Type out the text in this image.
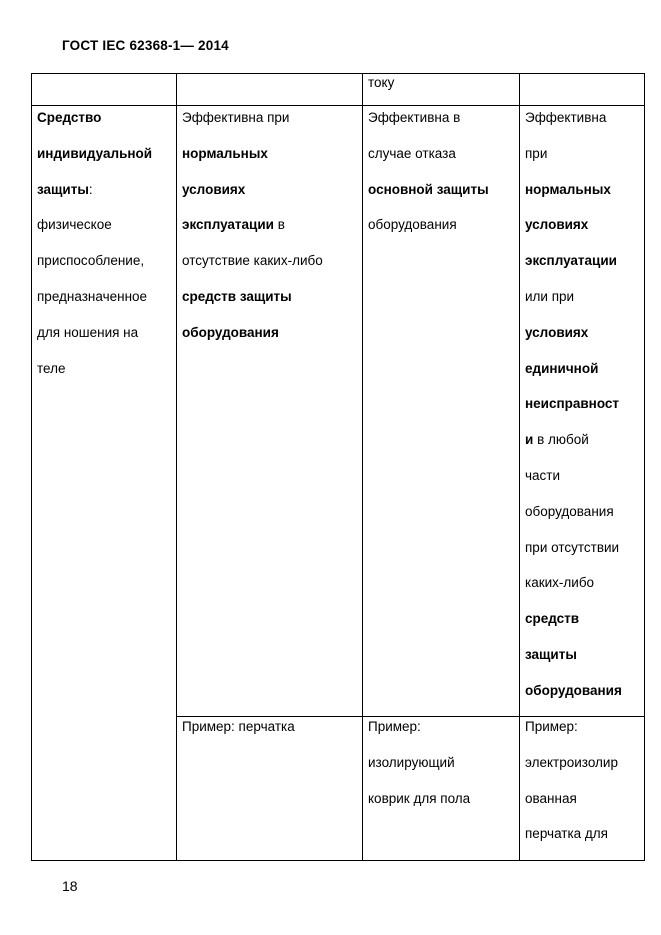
ГОСТ IEC 62368-1— 2014
току
Средство
индивидуальной
защиты:
физическое
приспособление,
предназначенное
для ношения на
теле
Эффективна при
нормальных
условиях
эксплуатации в
отсутствие каких-либо
средств защиты
оборудования
Эффективна в
случае отказа
основной защиты
оборудования
Эффективна
при
нормальных
условиях
эксплуатации
или при
условиях
единичной
неисправност
и в любой
части
оборудования
при отсутствии
каких-либо
средств
защиты
оборудования
Пример: перчатка	Пример:
изолирующий
коврик для пола
Пример:
электроизолир
ованная
перчатка для
18
